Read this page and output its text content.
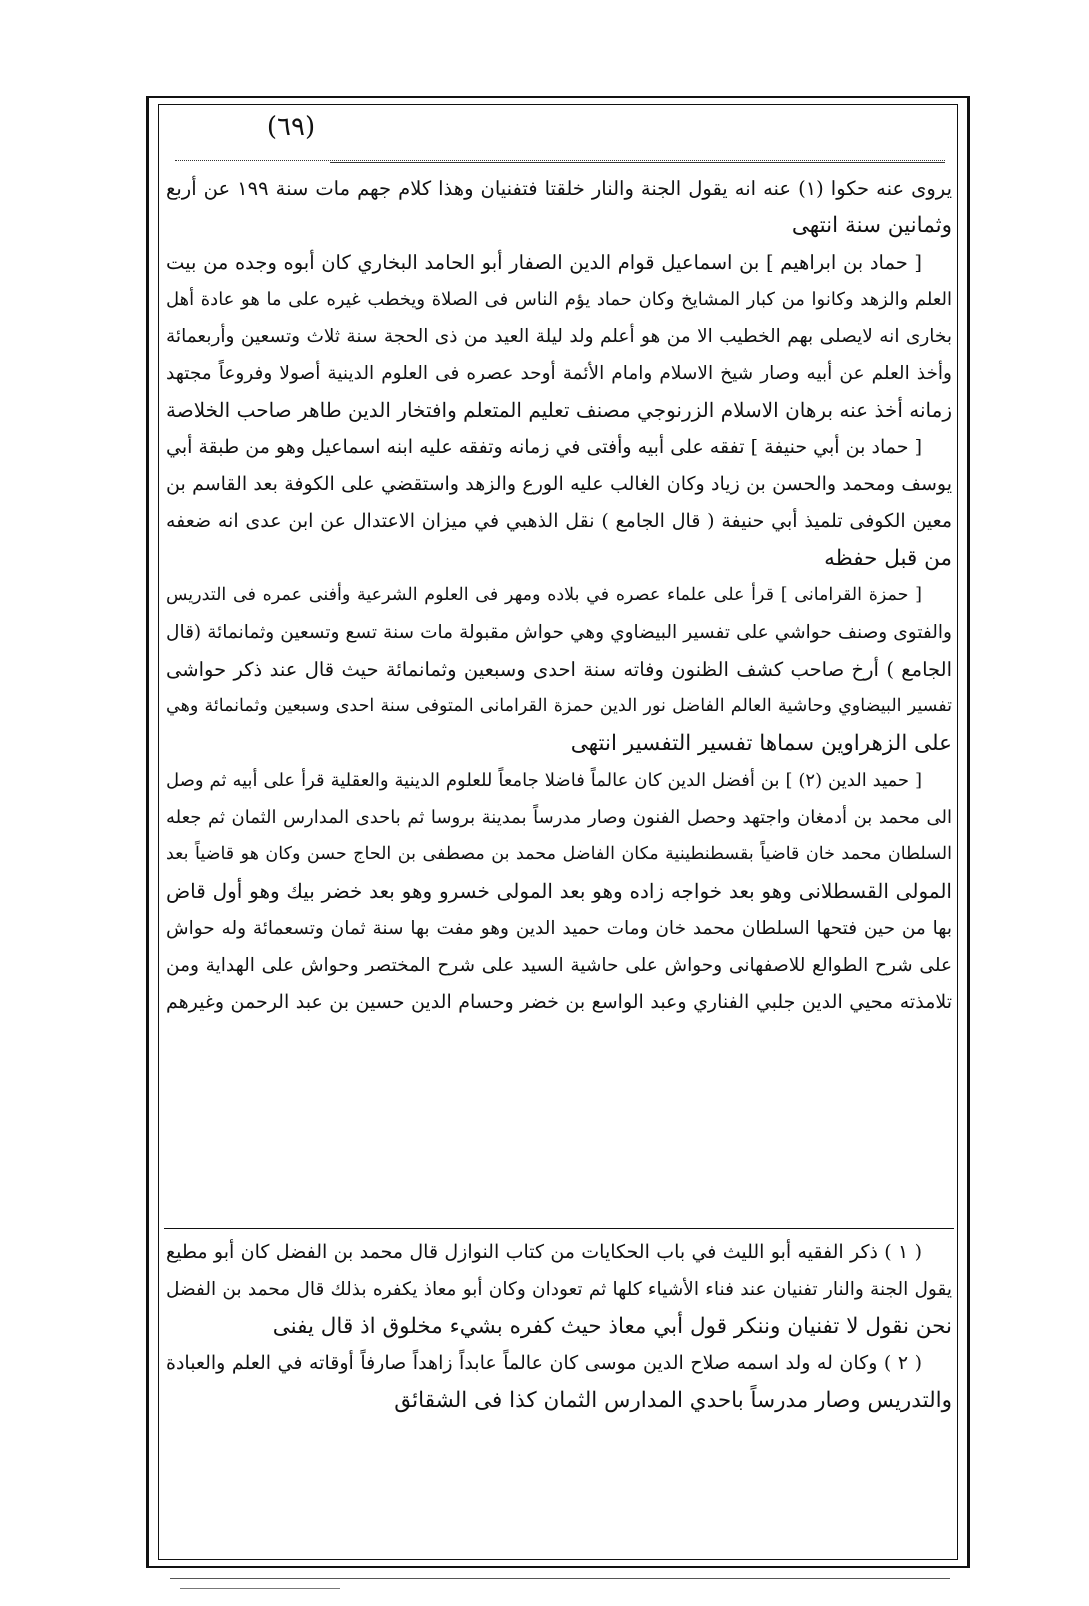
(٦٩)
يروى عنه حكوا (١) عنه انه يقول الجنة والنار خلقتا فتفنيان وهذا كلام جهم مات سنة ١٩٩ عن أربع
وثمانين سنة انتهى
[ حماد بن ابراهيم ] بن اسماعيل قوام الدين الصفار أبو الحامد البخاري كان أبوه وجده من بيت
العلم والزهد وكانوا من كبار المشايخ وكان حماد يؤم الناس فى الصلاة ويخطب غيره على ما هو عادة أهل
بخارى انه لايصلى بهم الخطيب الا من هو أعلم ولد ليلة العيد من ذى الحجة سنة ثلاث وتسعين وأربعمائة
وأخذ العلم عن أبيه وصار شيخ الاسلام وامام الأئمة أوحد عصره فى العلوم الدينية أصولا وفروعاً مجتهد
زمانه أخذ عنه برهان الاسلام الزرنوجي مصنف تعليم المتعلم وافتخار الدين طاهر صاحب الخلاصة
[ حماد بن أبي حنيفة ] تفقه على أبيه وأفتى في زمانه وتفقه عليه ابنه اسماعيل وهو من طبقة أبي
يوسف ومحمد والحسن بن زياد وكان الغالب عليه الورع والزهد واستقضي على الكوفة بعد القاسم بن
معين الكوفى تلميذ أبي حنيفة ( قال الجامع ) نقل الذهبي في ميزان الاعتدال عن ابن عدى انه ضعفه
من قبل حفظه
[ حمزة القرامانى ] قرأ على علماء عصره في بلاده ومهر فى العلوم الشرعية وأفنى عمره فى التدريس
والفتوى وصنف حواشي على تفسير البيضاوي وهي حواش مقبولة مات سنة تسع وتسعين وثمانمائة (قال
الجامع ) أرخ صاحب كشف الظنون وفاته سنة احدى وسبعين وثمانمائة حيث قال عند ذكر حواشى
تفسير البيضاوي وحاشية العالم الفاضل نور الدين حمزة القرامانى المتوفى سنة احدى وسبعين وثمانمائة وهي
على الزهراوين سماها تفسير التفسير انتهى
[ حميد الدين (٢) ] بن أفضل الدين كان عالماً فاضلا جامعاً للعلوم الدينية والعقلية قرأ على أبيه ثم وصل
الى محمد بن أدمغان واجتهد وحصل الفنون وصار مدرساً بمدينة بروسا ثم باحدى المدارس الثمان ثم جعله
السلطان محمد خان قاضياً بقسطنطينية مكان الفاضل محمد بن مصطفى بن الحاج حسن وكان هو قاضياً بعد
المولى القسطلانى وهو بعد خواجه زاده وهو بعد المولى خسرو وهو بعد خضر بيك وهو أول قاض
بها من حين فتحها السلطان محمد خان ومات حميد الدين وهو مفت بها سنة ثمان وتسعمائة وله حواش
على شرح الطوالع للاصفهانى وحواش على حاشية السيد على شرح المختصر وحواش على الهداية ومن
تلامذته محيي الدين جلبي الفناري وعبد الواسع بن خضر وحسام الدين حسين بن عبد الرحمن وغيرهم
( ١ ) ذكر الفقيه أبو الليث في باب الحكايات من كتاب النوازل قال محمد بن الفضل كان أبو مطيع
يقول الجنة والنار تفنيان عند فناء الأشياء كلها ثم تعودان وكان أبو معاذ يكفره بذلك قال محمد بن الفضل
نحن نقول لا تفنيان وننكر قول أبي معاذ حيث كفره بشيء مخلوق اذ قال يفنى
( ٢ ) وكان له ولد اسمه صلاح الدين موسى كان عالماً عابداً زاهداً صارفاً أوقاته في العلم والعبادة
والتدريس وصار مدرساً باحدي المدارس الثمان كذا فى الشقائق
